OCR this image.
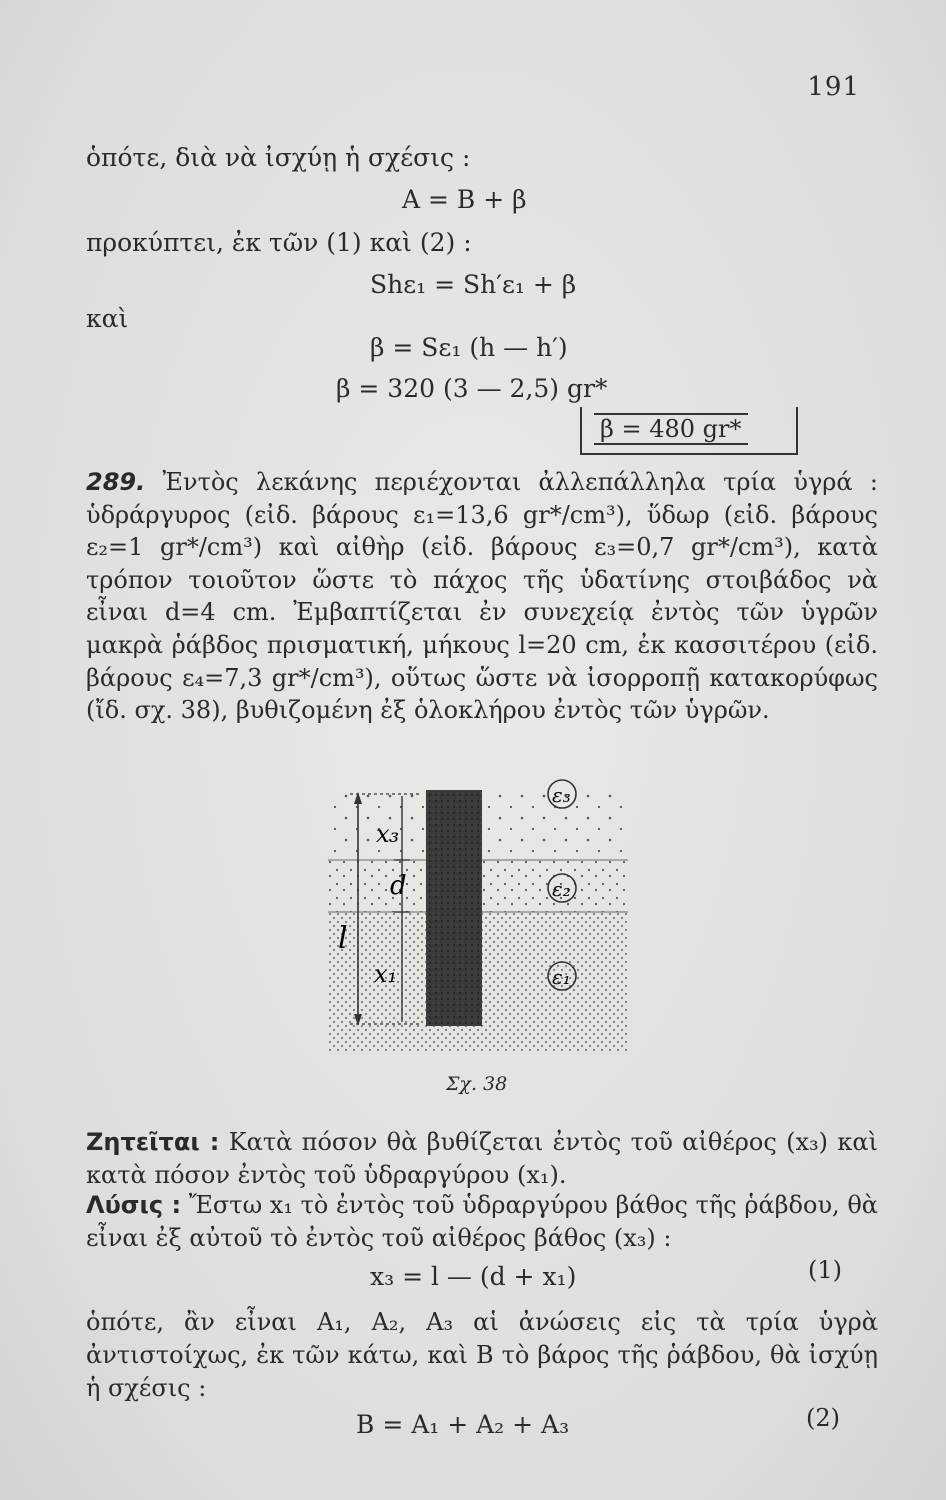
191
ὁπότε, διὰ νὰ ἰσχύῃ ἡ σχέσις :
A = B + β
προκύπτει, ἐκ τῶν (1) καὶ (2) :
Shε₁ = Sh′ε₁ + β
καὶ
β = Sε₁ (h — h′)
β = 320 (3 — 2,5) gr*
β = 480 gr*
289. Ἐντὸς λεκάνης περιέχονται ἀλλεπάλληλα τρία ὑγρά : ὑδράργυρος (εἰδ. βάρους ε₁=13,6 gr*/cm³), ὕδωρ (εἰδ. βάρους ε₂=1 gr*/cm³) καὶ αἰθὴρ (εἰδ. βάρους ε₃=0,7 gr*/cm³), κατὰ τρόπον τοιοῦτον ὥστε τὸ πάχος τῆς ὑδατίνης στοιβάδος νὰ εἶναι d=4 cm. Ἐμβαπτίζεται ἐν συνεχείᾳ ἐντὸς τῶν ὑγρῶν μακρὰ ῥάβδος πρισματική, μήκους l=20 cm, ἐκ κασσιτέρου (εἰδ. βάρους ε₄=7,3 gr*/cm³), οὕτως ὥστε νὰ ἰσορροπῇ κατακορύφως (ἴδ. σχ. 38), βυθιζομένη ἐξ ὁλοκλήρου ἐντὸς τῶν ὑγρῶν.
x₃
d
l
x₁
ε₃
ε₂
ε₁
Σχ. 38
Ζητεῖται : Κατὰ πόσον θὰ βυθίζεται ἐντὸς τοῦ αἰθέρος (x₃) καὶ κατὰ πόσον ἐντὸς τοῦ ὑδραργύρου (x₁).
Λύσις : Ἔστω x₁ τὸ ἐντὸς τοῦ ὑδραργύρου βάθος τῆς ῥάβδου, θὰ εἶναι ἐξ αὐτοῦ τὸ ἐντὸς τοῦ αἰθέρος βάθος (x₃) :
x₃ = l — (d + x₁)	(1)
ὁπότε, ἂν εἶναι A₁, A₂, A₃ αἱ ἀνώσεις εἰς τὰ τρία ὑγρὰ ἀντιστοίχως, ἐκ τῶν κάτω, καὶ B τὸ βάρος τῆς ῥάβδου, θὰ ἰσχύῃ ἡ σχέσις :
B = A₁ + A₂ + A₃	(2)
